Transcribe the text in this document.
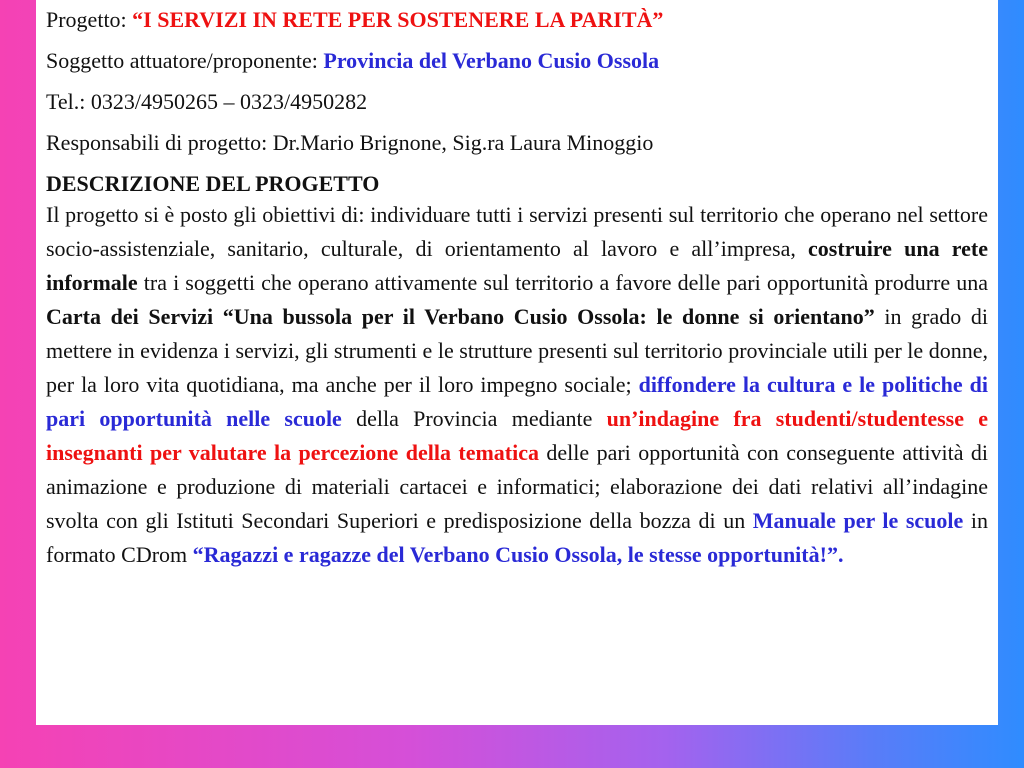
Progetto: “I SERVIZI IN RETE PER SOSTENERE LA PARITÀ”
Soggetto attuatore/proponente: Provincia del Verbano Cusio Ossola
Tel.: 0323/4950265 – 0323/4950282
Responsabili di progetto: Dr.Mario Brignone, Sig.ra Laura Minoggio
DESCRIZIONE DEL PROGETTO
Il progetto si è posto gli obiettivi di: individuare tutti i servizi presenti sul territorio che operano nel settore socio-assistenziale, sanitario, culturale, di orientamento al lavoro e all’impresa, costruire una rete informale tra i soggetti che operano attivamente sul territorio a favore delle pari opportunità produrre una Carta dei Servizi “Una bussola per il Verbano Cusio Ossola: le donne si orientano” in grado di mettere in evidenza i servizi, gli strumenti e le strutture presenti sul territorio provinciale utili per le donne, per la loro vita quotidiana, ma anche per il loro impegno sociale; diffondere la cultura e le politiche di pari opportunità nelle scuole della Provincia mediante un’indagine fra studenti/studentesse e insegnanti per valutare la percezione della tematica delle pari opportunità con conseguente attività di animazione e produzione di materiali cartacei e informatici; elaborazione dei dati relativi all’indagine svolta con gli Istituti Secondari Superiori e predisposizione della bozza di un Manuale per le scuole in formato CDrom “Ragazzi e ragazze del Verbano Cusio Ossola, le stesse opportunità!”.
